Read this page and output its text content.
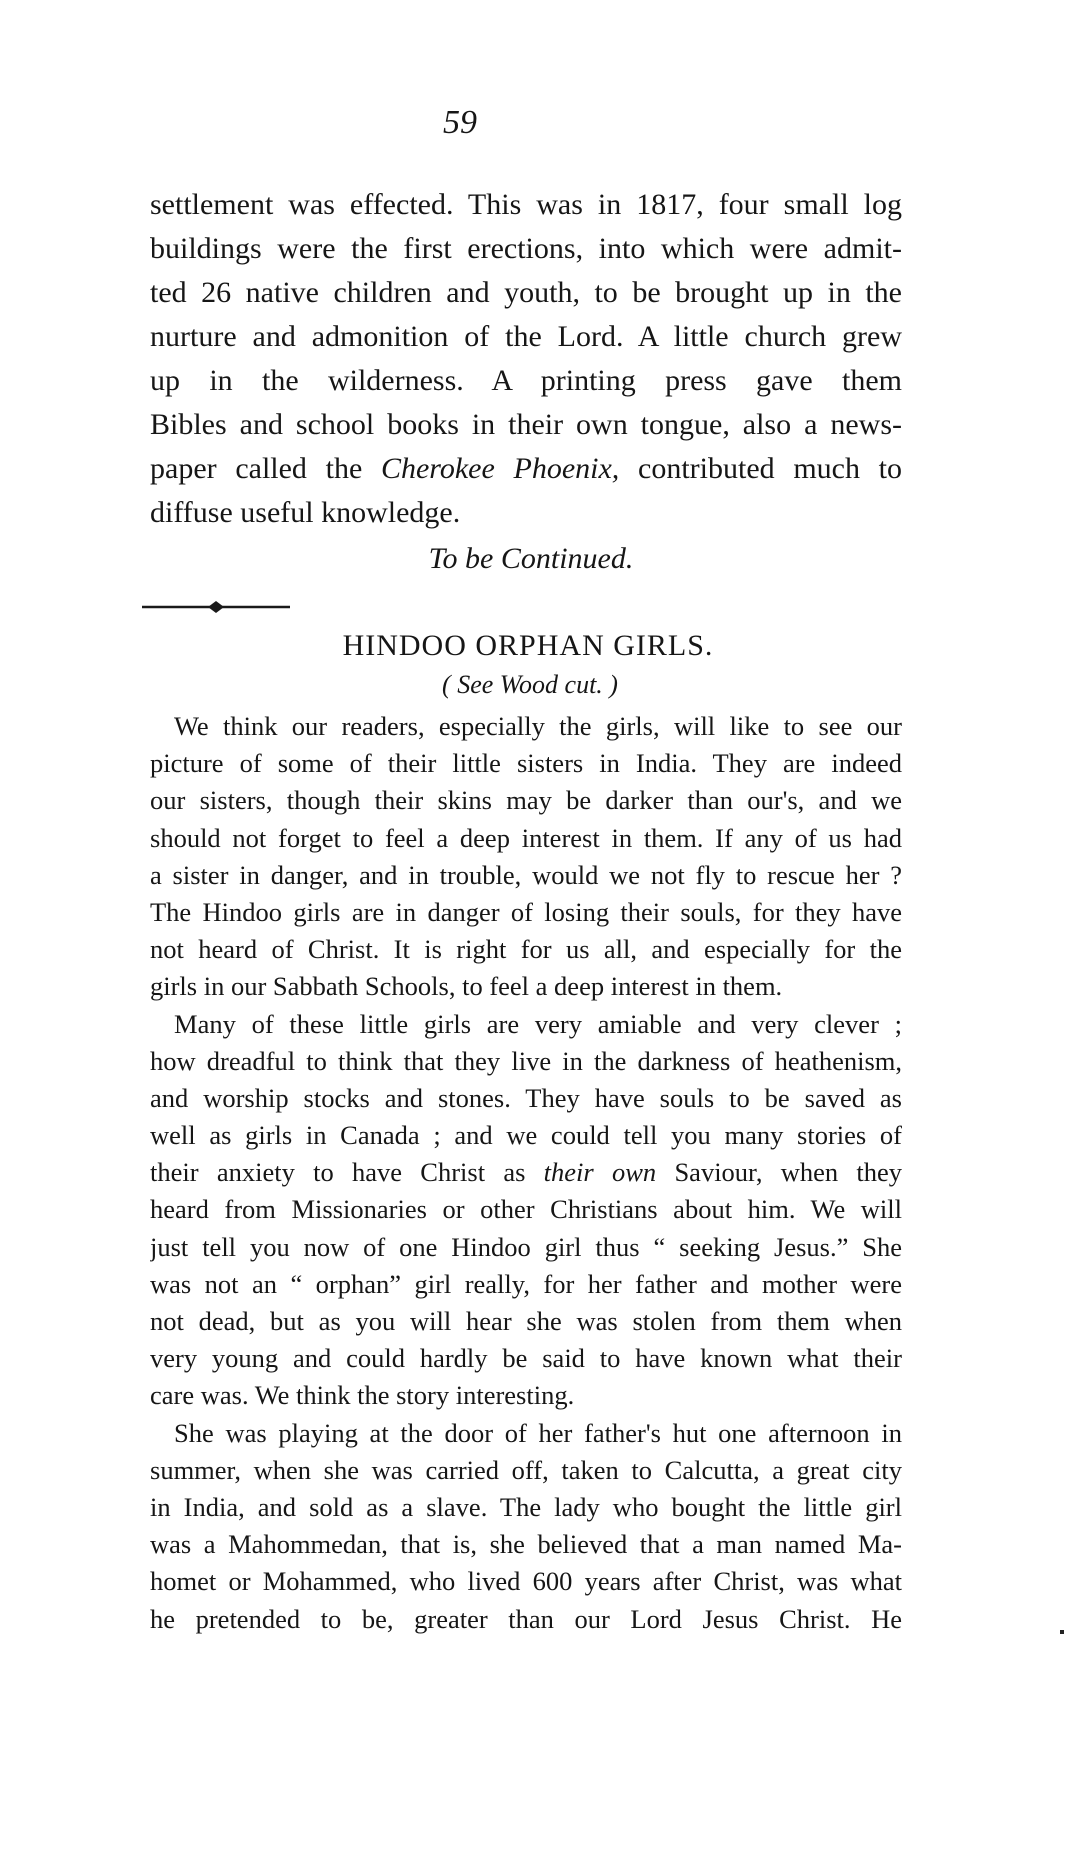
59
settlement was effected. This was in 1817, four small log
buildings were the first erections, into which were admit-
ted 26 native children and youth, to be brought up in the
nurture and admonition of the Lord. A little church grew
up in the wilderness. A printing press gave them
Bibles and school books in their own tongue, also a news-
paper called the Cherokee Phoenix, contributed much to
diffuse useful knowledge.
To be Continued.
HINDOO ORPHAN GIRLS.
( See Wood cut. )
We think our readers, especially the girls, will like to see our
picture of some of their little sisters in India. They are indeed
our sisters, though their skins may be darker than our's, and we
should not forget to feel a deep interest in them. If any of us had
a sister in danger, and in trouble, would we not fly to rescue her ?
The Hindoo girls are in danger of losing their souls, for they have
not heard of Christ. It is right for us all, and especially for the
girls in our Sabbath Schools, to feel a deep interest in them.
Many of these little girls are very amiable and very clever ;
how dreadful to think that they live in the darkness of heathenism,
and worship stocks and stones. They have souls to be saved as
well as girls in Canada ; and we could tell you many stories of
their anxiety to have Christ as their own Saviour, when they
heard from Missionaries or other Christians about him. We will
just tell you now of one Hindoo girl thus “ seeking Jesus.” She
was not an “ orphan” girl really, for her father and mother were
not dead, but as you will hear she was stolen from them when
very young and could hardly be said to have known what their
care was. We think the story interesting.
She was playing at the door of her father's hut one afternoon in
summer, when she was carried off, taken to Calcutta, a great city
in India, and sold as a slave. The lady who bought the little girl
was a Mahommedan, that is, she believed that a man named Ma-
homet or Mohammed, who lived 600 years after Christ, was what
he pretended to be, greater than our Lord Jesus Christ. He
